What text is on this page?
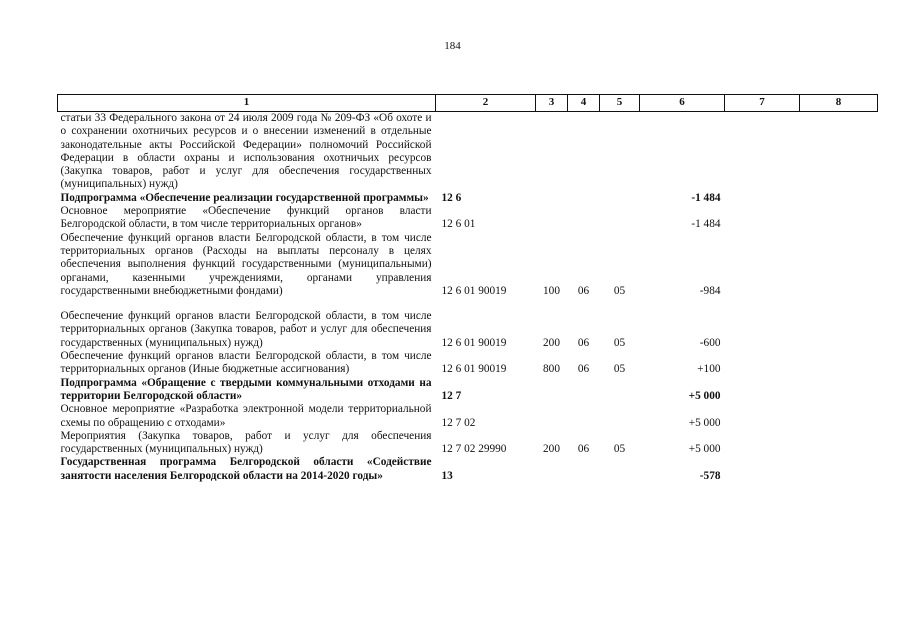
184
1	2	3	4	5	6	7	8
статьи 33 Федерального закона от 24 июля 2009 года № 209-ФЗ «Об охоте и о сохранении охотничьих ресурсов и о внесении изменений в отдельные законодательные акты Российской Федерации» полномочий Российской Федерации в области охраны и использования охотничьих ресурсов (Закупка товаров, работ и услуг для обеспечения государственных (муниципальных) нужд)							
Подпрограмма «Обеспечение реализации государственной программы»	12 6				-1 484		
Основное мероприятие «Обеспечение функций органов власти Белгородской области, в том числе территориальных органов»	12 6 01				-1 484		
Обеспечение функций органов власти Белгородской области, в том числе территориальных органов (Расходы на выплаты персоналу в целях обеспечения выполнения функций государственными (муниципальными) органами, казенными учреждениями, органами управления государственными внебюджетными фондами)	12 6 01 90019	100	06	05	-984		
Обеспечение функций органов власти Белгородской области, в том числе территориальных органов (Закупка товаров, работ и услуг для обеспечения государственных (муниципальных) нужд)	12 6 01 90019	200	06	05	-600		
Обеспечение функций органов власти Белгородской области, в том числе территориальных органов (Иные бюджетные ассигнования)	12 6 01 90019	800	06	05	+100		
Подпрограмма «Обращение с твердыми коммунальными отходами на территории Белгородской области»	12 7				+5 000		
Основное мероприятие «Разработка электронной модели территориальной схемы по обращению с отходами»	12 7 02				+5 000		
Мероприятия (Закупка товаров, работ и услуг для обеспечения государственных (муниципальных) нужд)	12 7 02 29990	200	06	05	+5 000		
Государственная программа Белгородской области «Содействие занятости населения Белгородской области на 2014-2020 годы»	13				-578		
